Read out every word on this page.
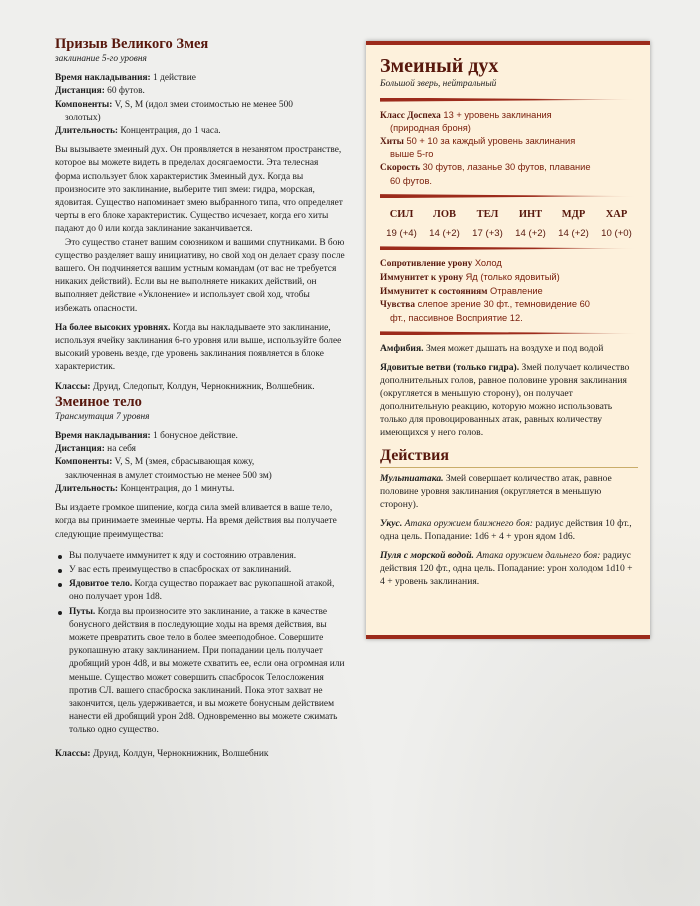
Призыв Великого Змея
заклинание 5-го уровня

Время накладывания: 1 действие

Дистанция: 60 футов.

Компоненты: V, S, M (идол змеи стоимостью не менее 500

золотых)

Длительность: Концентрация, до 1 часа.

Вы вызываете змеиный дух. Он проявляется в незанятом пространстве, которое вы можете видеть в пределах досягаемости. Эта телесная форма использует блок характеристик Змеиный дух. Когда вы произносите это заклинание, выберите тип змеи: гидра, морская, ядовитая. Существо напоминает змею выбранного типа, что определяет черты в его блоке характеристик. Существо исчезает, когда его хиты падают до 0 или когда заклинание заканчивается.

Это существо станет вашим союзником и вашими спутниками. В бою существо разделяет вашу инициативу, но свой ход он делает сразу после вашего. Он подчиняется вашим устным командам (от вас не требуется никаких действий). Если вы не выполняете никаких действий, он выполняет действие «Уклонение» и использует свой ход, чтобы избежать опасности.

На более высоких уровнях. Когда вы накладываете это заклинание, используя ячейку заклинания 6-го уровня или выше, используйте более высокий уровень везде, где уровень заклинания появляется в блоке характеристик.

Классы: Друид, Следопыт, Колдун, Чернокнижник, Волшебник.

Змеиное тело
Трансмутация 7 уровня

Время накладывания: 1 бонусное действие.

Дистанция: на себя

Компоненты: V, S, M (змея, сбрасывающая кожу,

заключенная в амулет стоимостью не менее 500 зм)

Длительность: Концентрация, до 1 минуты.

Вы издаете громкое шипение, когда сила змей вливается в ваше тело, когда вы принимаете змеиные черты. На время действия вы получаете следующие преимущества:

Вы получаете иммунитет к яду и состоянию отравления.
У вас есть преимущество в спасбросках от заклинаний.
Ядовитое тело. Когда существо поражает вас рукопашной атакой, оно получает урон 1d8.
Путы. Когда вы произносите это заклинание, а также в качестве бонусного действия в последующие ходы на время действия, вы можете превратить свое тело в более змееподобное. Совершите рукопашную атаку заклинанием. При попадании цель получает дробящий урон 4d8, и вы можете схватить ее, если она огромная или меньше. Существо может совершить спасбросок Телосложения против СЛ. вашего спасброска заклинаний. Пока этот захват не закончится, цель удерживается, и вы можете бонусным действием нанести ей дробящий урон 2d8. Одновременно вы можете сжимать только одно существо.

Классы: Друид, Колдун, Чернокнижник, Волшебник

Змеиный дух
Большой зверь, нейтральный
Класс Доспеха 13 + уровень заклинания
(природная броня)
Хиты 50 + 10 за каждый уровень заклинания
выше 5-го
Скорость 30 футов, лазанье 30 футов, плавание
60 футов.
СИЛ	ЛОВ	ТЕЛ	ИНТ	МДР	ХАР
19 (+4)	14 (+2)	17 (+3)	14 (+2)	14 (+2)	10 (+0)
Сопротивление урону Холод
Иммунитет к урону Яд (только ядовитый)
Иммунитет к состояниям Отравление
Чувства слепое зрение 30 фт., темновидение 60
фт., пассивное Восприятие 12.

Амфибия. Змея может дышать на воздухе и под водой

Ядовитые ветви (только гидра). Змей получает количество дополнительных голов, равное половине уровня заклинания (округляется в меньшую сторону), он получает дополнительную реакцию, которую можно использовать только для провоцированных атак, равных количеству имеющихся у него голов.

Действия

Мультиатака. Змей совершает количество атак, равное половине уровня заклинания (округляется в меньшую сторону).

Укус. Атака оружием ближнего боя: радиус действия 10 фт., одна цель. Попадание: 1d6 + 4 + урон ядом 1d6.

Пуля с морской водой. Атака оружием дальнего боя: радиус действия 120 фт., одна цель. Попадание: урон холодом 1d10 + 4 + уровень заклинания.
